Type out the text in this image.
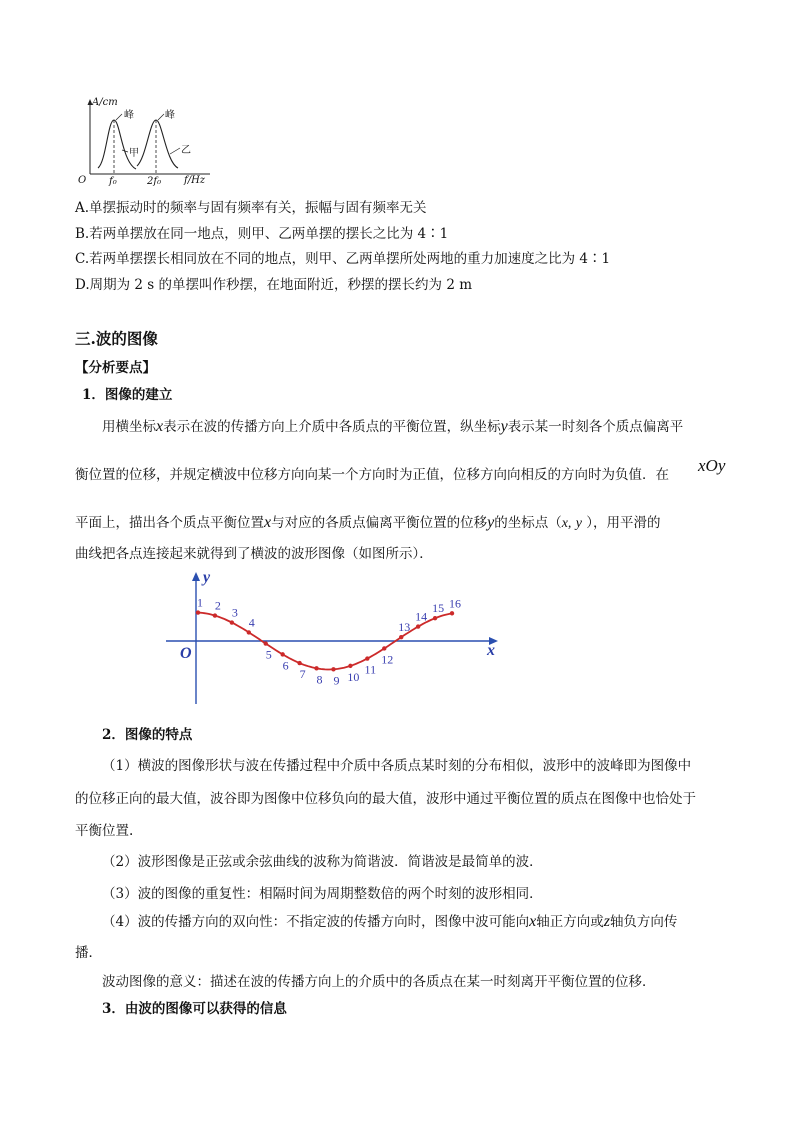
A/cm
峰	峰
甲	乙
O f₀	2f₀ f/Hz
A.单摆振动时的频率与固有频率有关，振幅与固有频率无关
B.若两单摆放在同一地点，则甲、乙两单摆的摆长之比为 4∶1
C.若两单摆摆长相同放在不同的地点，则甲、乙两单摆所处两地的重力加速度之比为 4∶1
D.周期为 2 s 的单摆叫作秒摆，在地面附近，秒摆的摆长约为 2 m
三.波的图像
【分析要点】
1．图像的建立
用横坐标x表示在波的传播方向上介质中各质点的平衡位置，纵坐标y表示某一时刻各个质点偏离平
衡位置的位移，并规定横波中位移方向向某一个方向时为正值，位移方向向相反的方向时为负值．在 xOy
平面上，描出各个质点平衡位置x与对应的各质点偏离平衡位置的位移y的坐标点（x, y ），用平滑的
曲线把各点连接起来就得到了横波的波形图像（如图所示）．
1 2 3
4
5
6
7 8 9 10
11
12
13
14
15 16
y
x
O
2．图像的特点
（1）横波的图像形状与波在传播过程中介质中各质点某时刻的分布相似，波形中的波峰即为图像中
的位移正向的最大值，波谷即为图像中位移负向的最大值，波形中通过平衡位置的质点在图像中也恰处于
平衡位置.
（2）波形图像是正弦或余弦曲线的波称为简谐波．简谐波是最简单的波．
（3）波的图像的重复性：相隔时间为周期整数倍的两个时刻的波形相同．
（4）波的传播方向的双向性：不指定波的传播方向时，图像中波可能向x轴正方向或z轴负方向传
播．
波动图像的意义：描述在波的传播方向上的介质中的各质点在某一时刻离开平衡位置的位移．
3．由波的图像可以获得的信息
